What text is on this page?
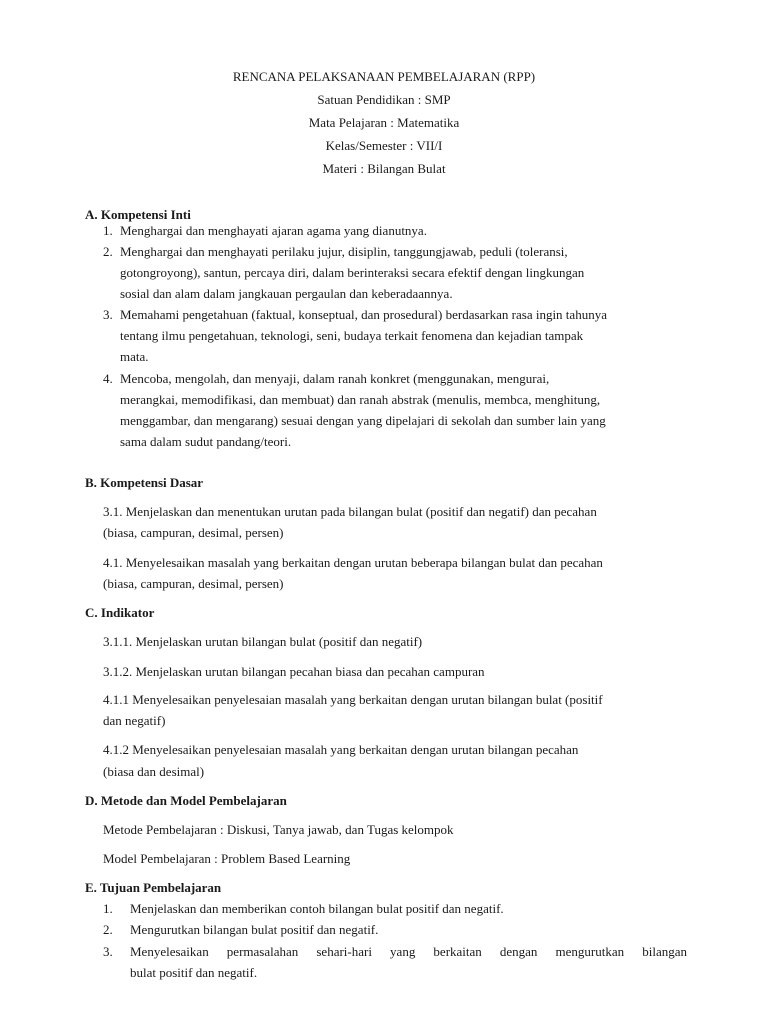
RENCANA PELAKSANAAN PEMBELAJARAN (RPP)
Satuan Pendidikan : SMP
Mata Pelajaran : Matematika
Kelas/Semester : VII/I
Materi : Bilangan Bulat
A. Kompetensi Inti
1. Menghargai dan menghayati ajaran agama yang dianutnya.
2. Menghargai dan menghayati perilaku jujur, disiplin, tanggungjawab, peduli (toleransi,
gotongroyong), santun, percaya diri, dalam berinteraksi secara efektif dengan lingkungan
sosial dan alam dalam jangkauan pergaulan dan keberadaannya.
3. Memahami pengetahuan (faktual, konseptual, dan prosedural) berdasarkan rasa ingin tahunya
tentang ilmu pengetahuan, teknologi, seni, budaya terkait fenomena dan kejadian tampak
mata.
4. Mencoba, mengolah, dan menyaji, dalam ranah konkret (menggunakan, mengurai,
merangkai, memodifikasi, dan membuat) dan ranah abstrak (menulis, membca, menghitung,
menggambar, dan mengarang) sesuai dengan yang dipelajari di sekolah dan sumber lain yang
sama dalam sudut pandang/teori.
B. Kompetensi Dasar
3.1. Menjelaskan dan menentukan urutan pada bilangan bulat (positif dan negatif) dan pecahan
(biasa, campuran, desimal, persen)
4.1. Menyelesaikan masalah yang berkaitan dengan urutan beberapa bilangan bulat dan pecahan
(biasa, campuran, desimal, persen)
C. Indikator
3.1.1. Menjelaskan urutan bilangan bulat (positif dan negatif)
3.1.2. Menjelaskan urutan bilangan pecahan biasa dan pecahan campuran
4.1.1 Menyelesaikan penyelesaian masalah yang berkaitan dengan urutan bilangan bulat (positif
dan negatif)
4.1.2 Menyelesaikan penyelesaian masalah yang berkaitan dengan urutan bilangan pecahan
(biasa dan desimal)
D. Metode dan Model Pembelajaran
Metode Pembelajaran : Diskusi, Tanya jawab, dan Tugas kelompok
Model Pembelajaran : Problem Based Learning
E. Tujuan Pembelajaran
1. Menjelaskan dan memberikan contoh bilangan bulat positif dan negatif.
2. Mengurutkan bilangan bulat positif dan negatif.
3. Menyelesaikan permasalahan sehari-hari yang berkaitan dengan mengurutkan bilangan
bulat positif dan negatif.
